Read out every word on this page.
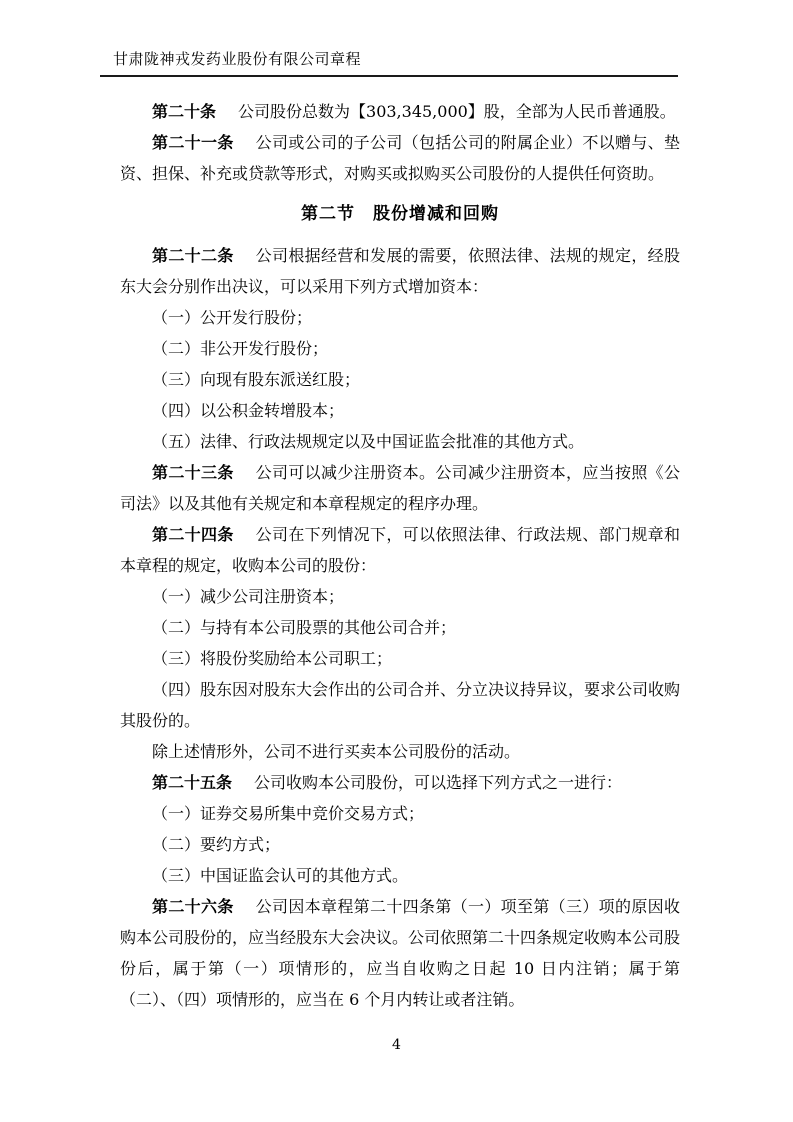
甘肃陇神戎发药业股份有限公司章程

第二十条 公司股份总数为【303,345,000】股，全部为人民币普通股。

第二十一条 公司或公司的子公司（包括公司的附属企业）不以赠与、垫资、担保、补充或贷款等形式，对购买或拟购买公司股份的人提供任何资助。

第二节　股份增减和回购

第二十二条 公司根据经营和发展的需要，依照法律、法规的规定，经股东大会分别作出决议，可以采用下列方式增加资本：

（一）公开发行股份；

（二）非公开发行股份；

（三）向现有股东派送红股；

（四）以公积金转增股本；

（五）法律、行政法规规定以及中国证监会批准的其他方式。

第二十三条 公司可以减少注册资本。公司减少注册资本，应当按照《公司法》以及其他有关规定和本章程规定的程序办理。

第二十四条 公司在下列情况下，可以依照法律、行政法规、部门规章和本章程的规定，收购本公司的股份：

（一）减少公司注册资本；

（二）与持有本公司股票的其他公司合并；

（三）将股份奖励给本公司职工；

（四）股东因对股东大会作出的公司合并、分立决议持异议，要求公司收购其股份的。

除上述情形外，公司不进行买卖本公司股份的活动。

第二十五条 公司收购本公司股份，可以选择下列方式之一进行：

（一）证券交易所集中竞价交易方式；

（二）要约方式；

（三）中国证监会认可的其他方式。

第二十六条 公司因本章程第二十四条第（一）项至第（三）项的原因收购本公司股份的，应当经股东大会决议。公司依照第二十四条规定收购本公司股份后，属于第（一）项情形的，应当自收购之日起 10 日内注销；属于第（二）、（四）项情形的，应当在 6 个月内转让或者注销。

4
